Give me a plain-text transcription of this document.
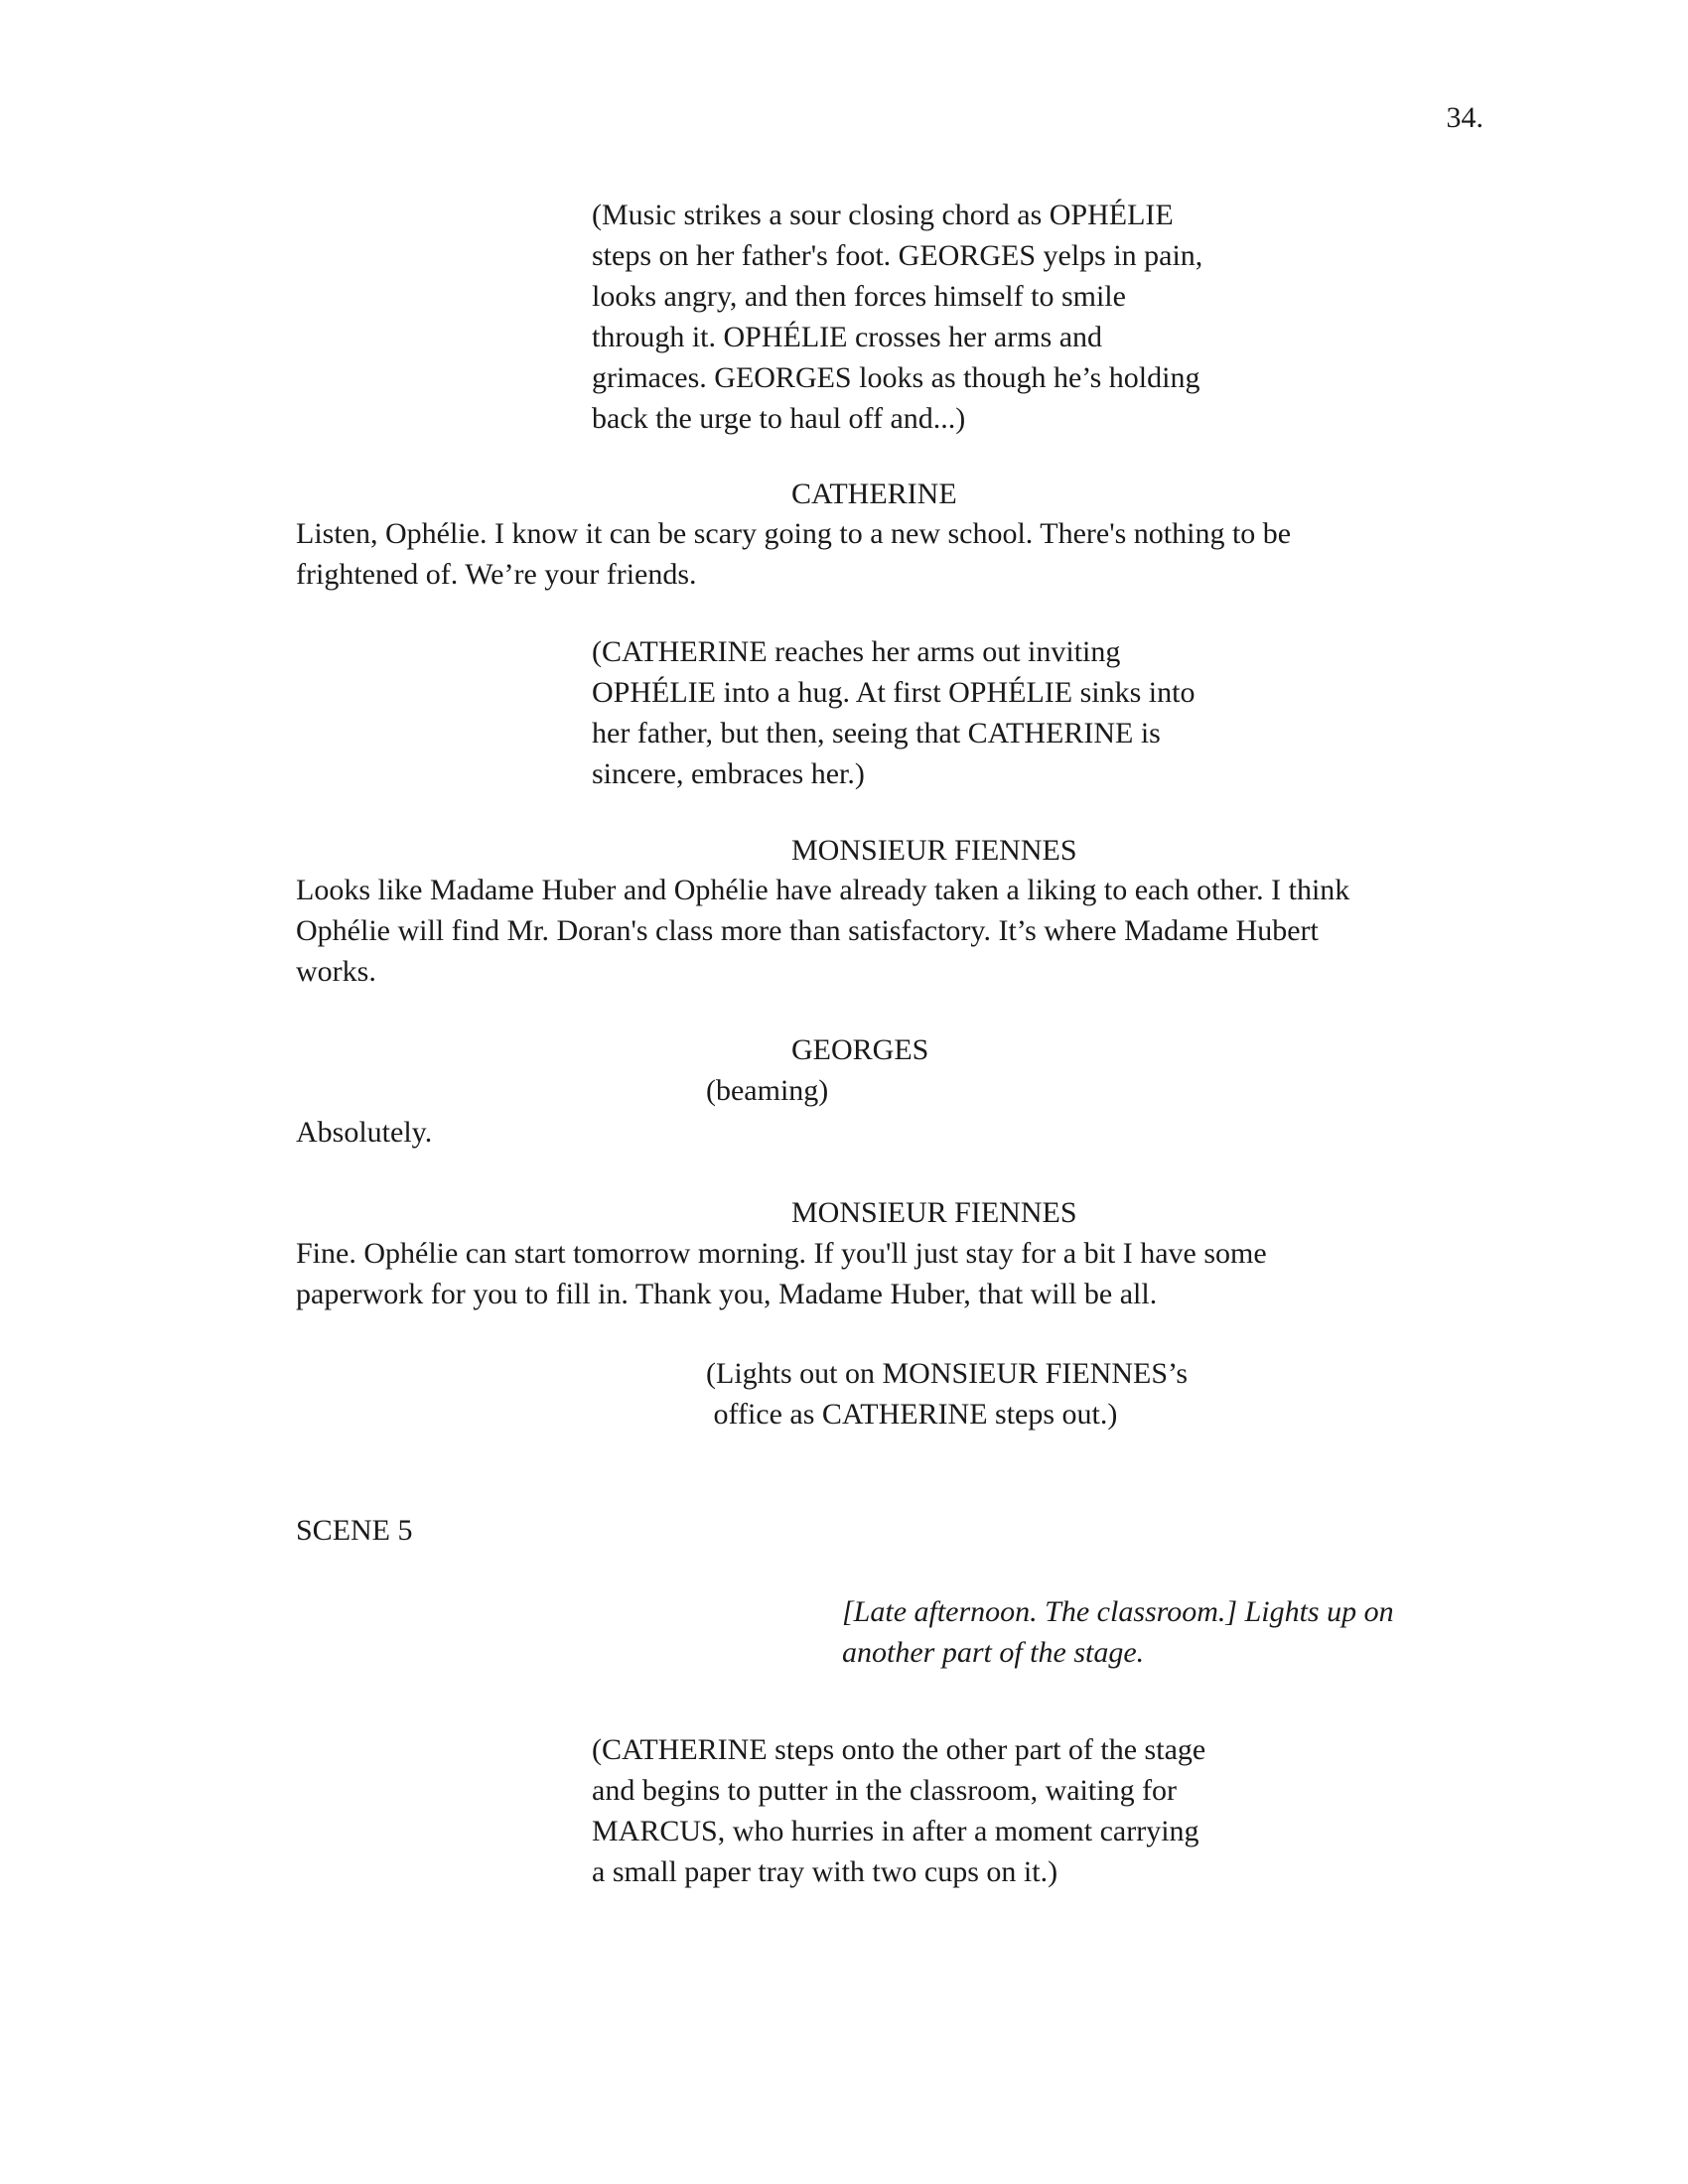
34.
(Music strikes a sour closing chord as OPHÉLIE
steps on her father's foot. GEORGES yelps in pain,
looks angry, and then forces himself to smile
through it. OPHÉLIE crosses her arms and
grimaces. GEORGES looks as though he’s holding
back the urge to haul off and...)
CATHERINE
Listen, Ophélie. I know it can be scary going to a new school. There's nothing to be
frightened of. We’re your friends.
(CATHERINE reaches her arms out inviting
OPHÉLIE into a hug. At first OPHÉLIE sinks into
her father, but then, seeing that CATHERINE is
sincere, embraces her.)
MONSIEUR FIENNES
Looks like Madame Huber and Ophélie have already taken a liking to each other. I think
Ophélie will find Mr. Doran's class more than satisfactory. It’s where Madame Hubert
works.
GEORGES
(beaming)
Absolutely.
MONSIEUR FIENNES
Fine. Ophélie can start tomorrow morning. If you'll just stay for a bit I have some
paperwork for you to fill in. Thank you, Madame Huber, that will be all.
(Lights out on MONSIEUR FIENNES’s
office as CATHERINE steps out.)
SCENE 5
[Late afternoon. The classroom.] Lights up on
another part of the stage.
(CATHERINE steps onto the other part of the stage
and begins to putter in the classroom, waiting for
MARCUS, who hurries in after a moment carrying
a small paper tray with two cups on it.)
